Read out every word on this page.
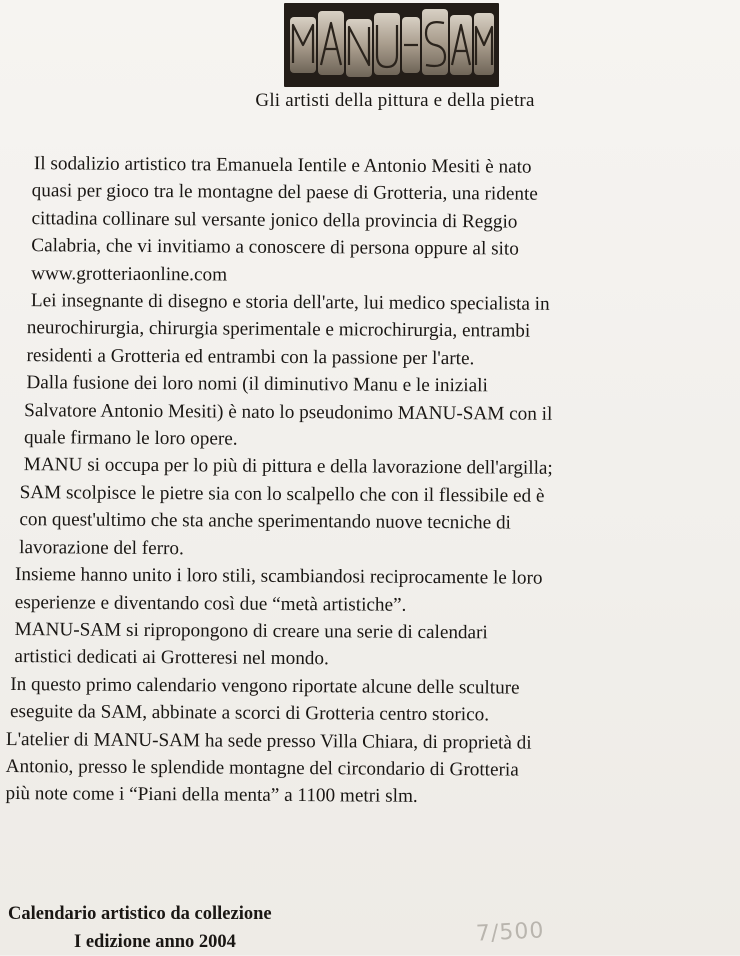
Gli artisti della pittura e della pietra
Il sodalizio artistico tra Emanuela Ientile e Antonio Mesiti è nato
quasi per gioco tra le montagne del paese di Grotteria, una ridente
cittadina collinare sul versante jonico della provincia di Reggio
Calabria, che vi invitiamo a conoscere di persona oppure al sito
www.grotteriaonline.com
Lei insegnante di disegno e storia dell'arte, lui medico specialista in
neurochirurgia, chirurgia sperimentale e microchirurgia, entrambi
residenti a Grotteria ed entrambi con la passione per l'arte.
Dalla fusione dei loro nomi (il diminutivo Manu e le iniziali
Salvatore Antonio Mesiti) è nato lo pseudonimo MANU-SAM con il
quale firmano le loro opere.
MANU si occupa per lo più di pittura e della lavorazione dell'argilla;
SAM scolpisce le pietre sia con lo scalpello che con il flessibile ed è
con quest'ultimo che sta anche sperimentando nuove tecniche di
lavorazione del ferro.
Insieme hanno unito i loro stili, scambiandosi reciprocamente le loro
esperienze e diventando così due “metà artistiche”.
MANU-SAM si ripropongono di creare una serie di calendari
artistici dedicati ai Grotteresi nel mondo.
In questo primo calendario vengono riportate alcune delle sculture
eseguite da SAM, abbinate a scorci di Grotteria centro storico.
L'atelier di MANU-SAM ha sede presso Villa Chiara, di proprietà di
Antonio, presso le splendide montagne del circondario di Grotteria
più note come i “Piani della menta” a 1100 metri slm.
Calendario artistico da collezione
I edizione anno 2004	7/500
